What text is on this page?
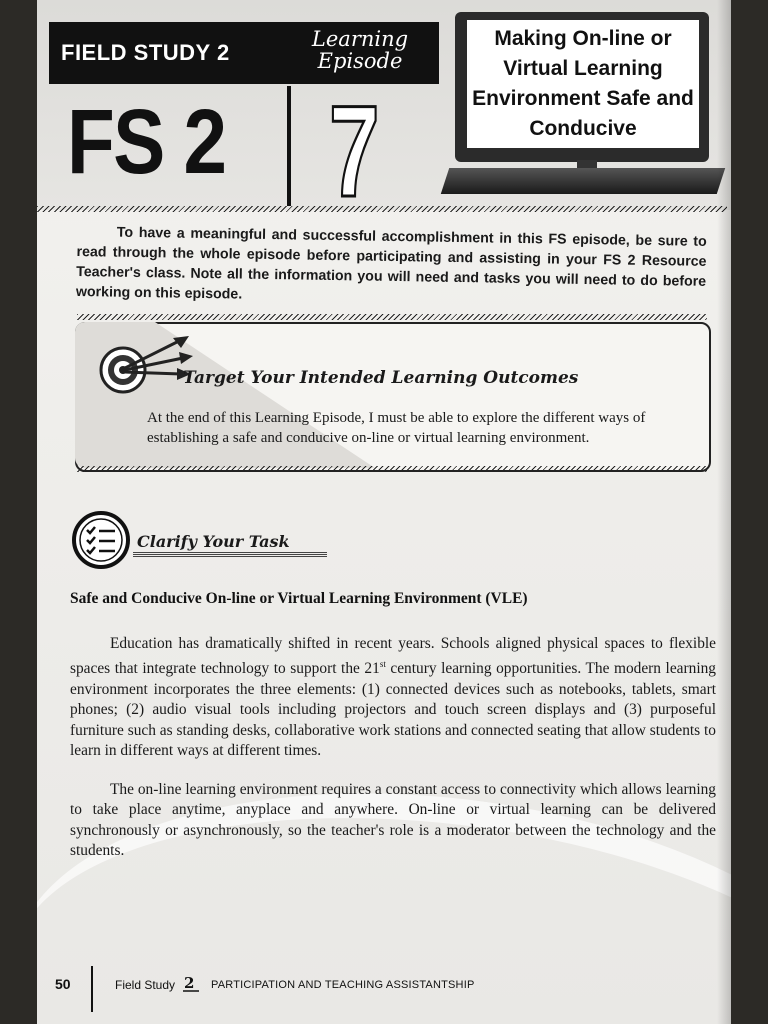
FIELD STUDY 2
Learning
Episode
FS 2 7
Making On-line or Virtual Learning Environment Safe and Conducive
To have a meaningful and successful accomplishment in this FS episode, be sure to read through the whole episode before participating and assisting in your FS 2 Resource Teacher's class. Note all the information you will need and tasks you will need to do before working on this episode.
Target Your Intended Learning Outcomes
At the end of this Learning Episode, I must be able to explore the different ways of establishing a safe and conducive on-line or virtual learning environment.
Clarify Your Task
Safe and Conducive On-line or Virtual Learning Environment (VLE)
Education has dramatically shifted in recent years. Schools aligned physical spaces to flexible spaces that integrate technology to support the 21st century learning opportunities. The modern learning environment incorporates the three elements: (1) connected devices such as notebooks, tablets, smart phones; (2) audio visual tools including projectors and touch screen displays and (3) purposeful furniture such as standing desks, collaborative work stations and connected seating that allow students to learn in different ways at different times.
The on-line learning environment requires a constant access to connectivity which allows learning to take place anytime, anyplace and anywhere. On-line or virtual learning can be delivered synchronously or asynchronously, so the teacher's role is a moderator between the technology and the students.
50	Field Study 2 PARTICIPATION AND TEACHING ASSISTANTSHIP
